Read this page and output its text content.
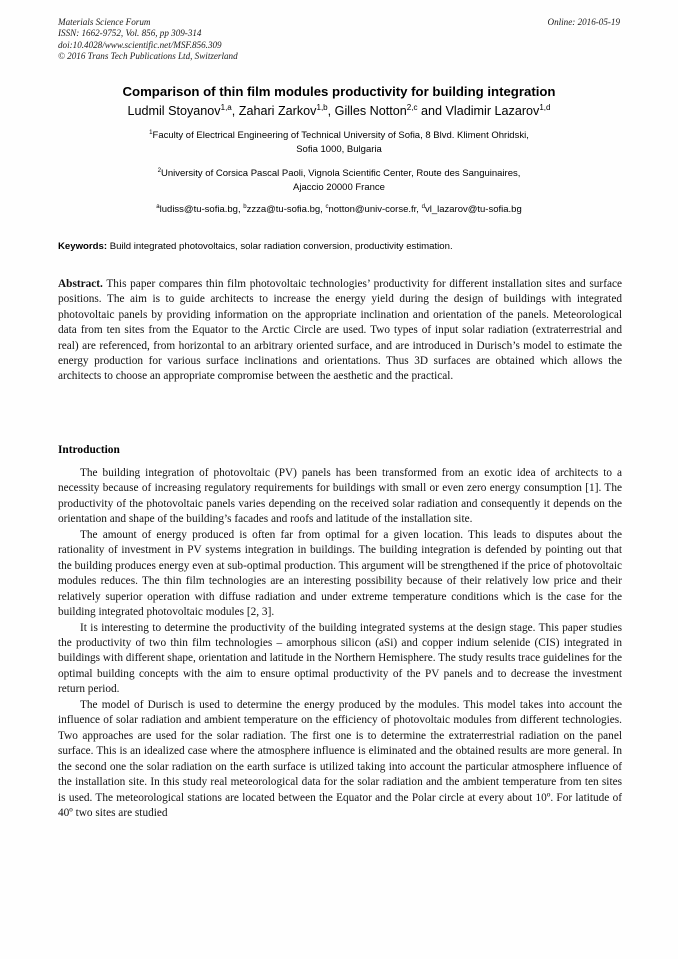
Materials Science Forum
ISSN: 1662-9752, Vol. 856, pp 309-314
doi:10.4028/www.scientific.net/MSF.856.309
© 2016 Trans Tech Publications Ltd, Switzerland
Online: 2016-05-19
Comparison of thin film modules productivity for building integration
Ludmil Stoyanov$^{1,a}$, Zahari Zarkov$^{1,b}$, Gilles Notton$^{2,c}$ and Vladimir Lazarov$^{1,d}$
$^1$Faculty of Electrical Engineering of Technical University of Sofia, 8 Blvd. Kliment Ohridski,
Sofia 1000, Bulgaria
$^2$University of Corsica Pascal Paoli, Vignola Scientific Center, Route des Sanguinaires,
Ajaccio 20000 France
$^a$ludiss@tu-sofia.bg, $^b$zzza@tu-sofia.bg, $^c$notton@univ-corse.fr, $^d$vl_lazarov@tu-sofia.bg
Keywords: Build integrated photovoltaics, solar radiation conversion, productivity estimation.
Abstract. This paper compares thin film photovoltaic technologies’ productivity for different installation sites and surface positions. The aim is to guide architects to increase the energy yield during the design of buildings with integrated photovoltaic panels by providing information on the appropriate inclination and orientation of the panels. Meteorological data from ten sites from the Equator to the Arctic Circle are used. Two types of input solar radiation (extraterrestrial and real) are referenced, from horizontal to an arbitrary oriented surface, and are introduced in Durisch’s model to estimate the energy production for various surface inclinations and orientations. Thus 3D surfaces are obtained which allows the architects to choose an appropriate compromise between the aesthetic and the practical.
Introduction

The building integration of photovoltaic (PV) panels has been transformed from an exotic idea of architects to a necessity because of increasing regulatory requirements for buildings with small or even zero energy consumption [1]. The productivity of the photovoltaic panels varies depending on the received solar radiation and consequently it depends on the orientation and shape of the building’s facades and roofs and latitude of the installation site.

The amount of energy produced is often far from optimal for a given location. This leads to disputes about the rationality of investment in PV systems integration in buildings. The building integration is defended by pointing out that the building produces energy even at sub-optimal production. This argument will be strengthened if the price of photovoltaic modules reduces. The thin film technologies are an interesting possibility because of their relatively low price and their relatively superior operation with diffuse radiation and under extreme temperature conditions which is the case for the building integrated photovoltaic modules [2, 3].

It is interesting to determine the productivity of the building integrated systems at the design stage. This paper studies the productivity of two thin film technologies – amorphous silicon (aSi) and copper indium selenide (CIS) integrated in buildings with different shape, orientation and latitude in the Northern Hemisphere. The study results trace guidelines for the optimal building concepts with the aim to ensure optimal productivity of the PV panels and to decrease the investment return period.

The model of Durisch is used to determine the energy produced by the modules. This model takes into account the influence of solar radiation and ambient temperature on the efficiency of photovoltaic modules from different technologies. Two approaches are used for the solar radiation. The first one is to determine the extraterrestrial radiation on the panel surface. This is an idealized case where the atmosphere influence is eliminated and the obtained results are more general. In the second one the solar radiation on the earth surface is utilized taking into account the particular atmosphere influence of the installation site. In this study real meteorological data for the solar radiation and the ambient temperature from ten sites is used. The meteorological stations are located between the Equator and the Polar circle at every about 10º. For latitude of 40º two sites are studied
